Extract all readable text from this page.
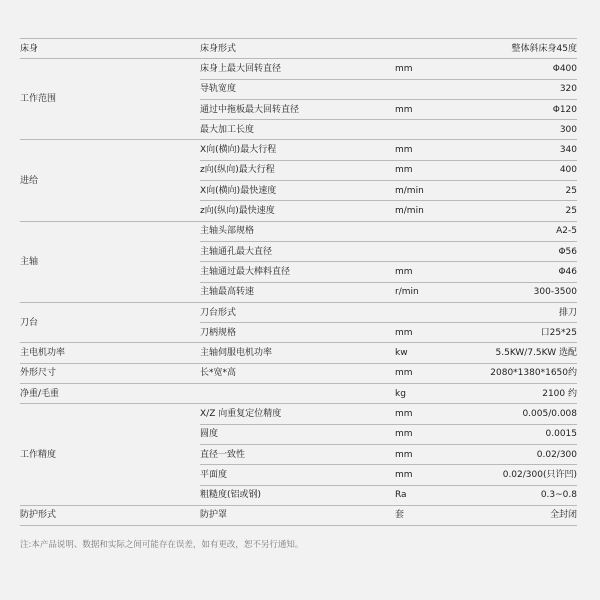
床身	床身形式		整体斜床身45度
工作范围	床身上最大回转直径	mm	Φ400
	导轨宽度		320
	通过中拖板最大回转直径	mm	Φ120
	最大加工长度		300
进给	X向(横向)最大行程	mm	340
	z向(纵向)最大行程	mm	400
	X向(横向)最快速度	m/min	25
	z向(纵向)最快速度	m/min	25
主轴	主轴头部规格		A2-5
	主轴通孔最大直径		Φ56
	主轴通过最大棒料直径	mm	Φ46
	主轴最高转速	r/min	300-3500
刀台	刀台形式		排刀
	刀柄规格	mm	口25*25
主电机功率	主轴伺服电机功率	kw	5.5KW/7.5KW 选配
外形尺寸	长*宽*高	mm	2080*1380*1650约
净重/毛重		kg	2100 约
工作精度	X/Z 向重复定位精度	mm	0.005/0.008
	圆度	mm	0.0015
	直径一致性	mm	0.02/300
	平面度	mm	0.02/300(只许凹)
	粗糙度(铝或钢)	Ra	0.3~0.8
防护形式	防护罩	套	全封闭
注:本产品说明、数据和实际之间可能存在误差，如有更改，恕不另行通知。
